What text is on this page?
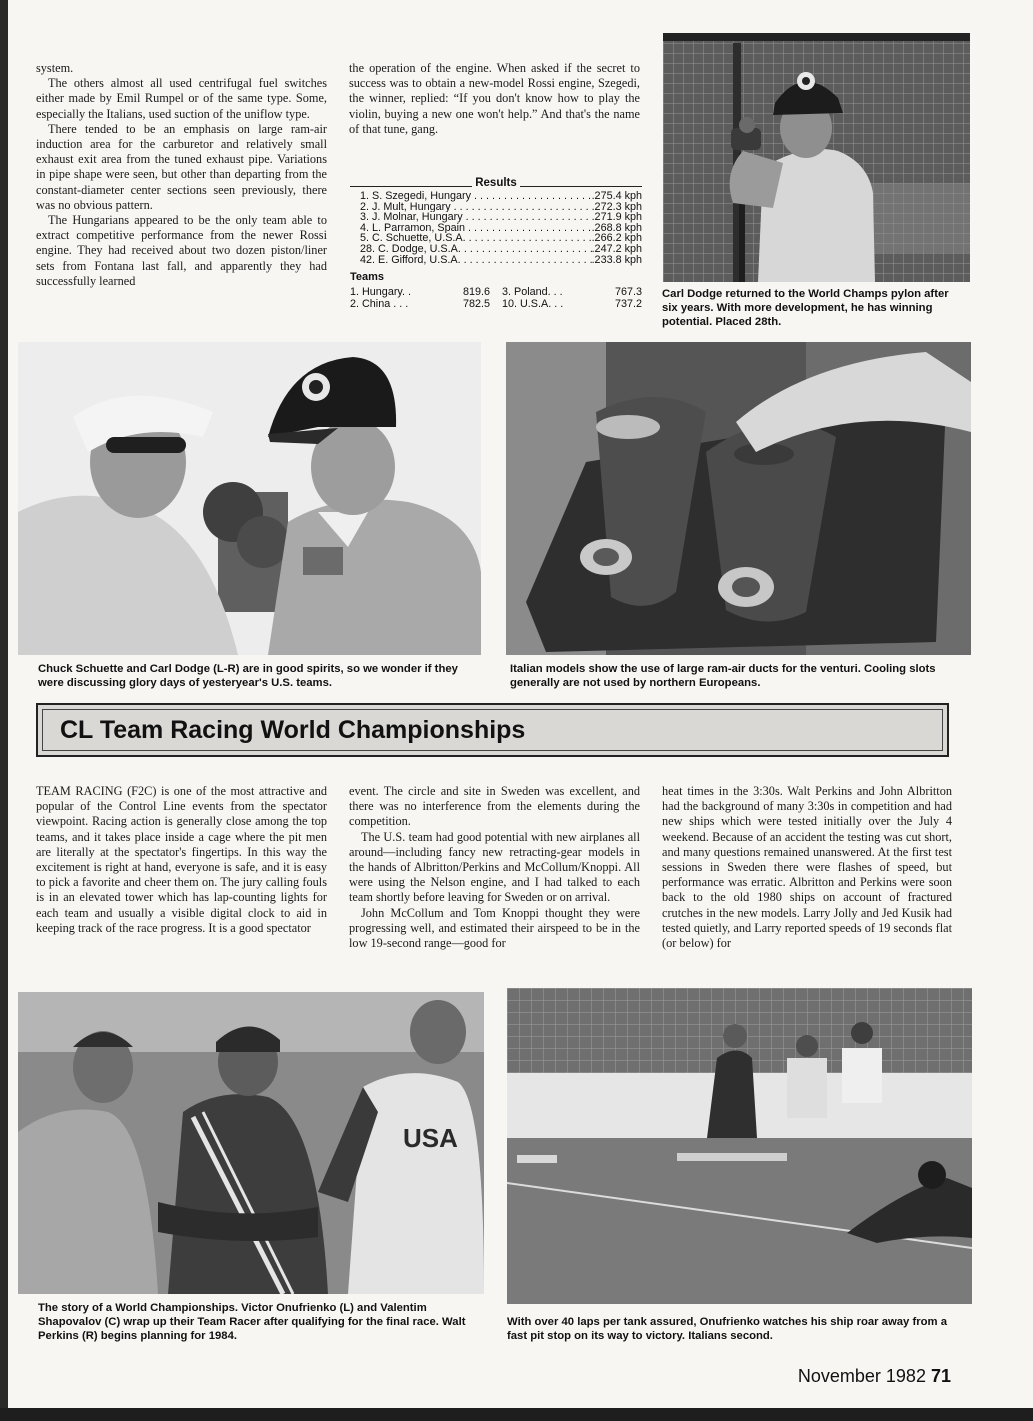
system.

The others almost all used centrifugal fuel switches either made by Emil Rumpel or of the same type. Some, especially the Italians, used suction of the uniflow type.

There tended to be an emphasis on large ram-air induction area for the carburetor and relatively small exhaust exit area from the tuned exhaust pipe. Variations in pipe shape were seen, but other than departing from the constant-diameter center sections seen previously, there was no obvious pattern.

The Hungarians appeared to be the only team able to extract competitive performance from the newer Rossi engine. They had received about two dozen piston/liner sets from Fontana last fall, and apparently they had successfully learned

the operation of the engine. When asked if the secret to success was to obtain a new-model Rossi engine, Szegedi, the winner, replied: “If you don't know how to play the violin, buying a new one won't help.” And that's the name of that tune, gang.

Results
1. S. Szegedi, Hungary . . .	.275.4 kph
2. J. Mult, Hungary . . .	.272.3 kph
3. J. Molnar, Hungary . . .	.271.9 kph
4. L. Parramon, Spain . . .	.268.8 kph
5. C. Schuette, U.S.A. . . .	.266.2 kph
28. C. Dodge, U.S.A. . . .	.247.2 kph
42. E. Gifford, U.S.A. . . .	.233.8 kph
Teams
1. Hungary. .	819.6 3. Poland. . .	767.3
2. China . . .	782.5 10. U.S.A. . .	737.2
Carl Dodge returned to the World Champs pylon after six years. With more development, he has winning potential. Placed 28th.
Chuck Schuette and Carl Dodge (L-R) are in good spirits, so we wonder if they were discussing glory days of yesteryear's U.S. teams.
Italian models show the use of large ram-air ducts for the venturi. Cooling slots generally are not used by northern Europeans.
CL Team Racing World Championships

TEAM RACING (F2C) is one of the most attractive and popular of the Control Line events from the spectator viewpoint. Racing action is generally close among the top teams, and it takes place inside a cage where the pit men are literally at the spectator's fingertips. In this way the excitement is right at hand, everyone is safe, and it is easy to pick a favorite and cheer them on. The jury calling fouls is in an elevated tower which has lap-counting lights for each team and usually a visible digital clock to aid in keeping track of the race progress. It is a good spectator

event. The circle and site in Sweden was excellent, and there was no interference from the elements during the competition.

The U.S. team had good potential with new airplanes all around—including fancy new retracting-gear models in the hands of Albritton/Perkins and McCollum/Knoppi. All were using the Nelson engine, and I had talked to each team shortly before leaving for Sweden or on arrival.

John McCollum and Tom Knoppi thought they were progressing well, and estimated their airspeed to be in the low 19-second range—good for

heat times in the 3:30s. Walt Perkins and John Albritton had the background of many 3:30s in competition and had new ships which were tested initially over the July 4 weekend. Because of an accident the testing was cut short, and many questions remained unanswered. At the first test sessions in Sweden there were flashes of speed, but performance was erratic. Albritton and Perkins were soon back to the old 1980 ships on account of fractured crutches in the new models. Larry Jolly and Jed Kusik had tested quietly, and Larry reported speeds of 19 seconds flat (or below) for

USA
The story of a World Championships. Victor Onufrienko (L) and Valentim Shapovalov (C) wrap up their Team Racer after qualifying for the final race. Walt Perkins (R) begins planning for 1984.
With over 40 laps per tank assured, Onufrienko watches his ship roar away from a fast pit stop on its way to victory. Italians second.
November 1982 71
